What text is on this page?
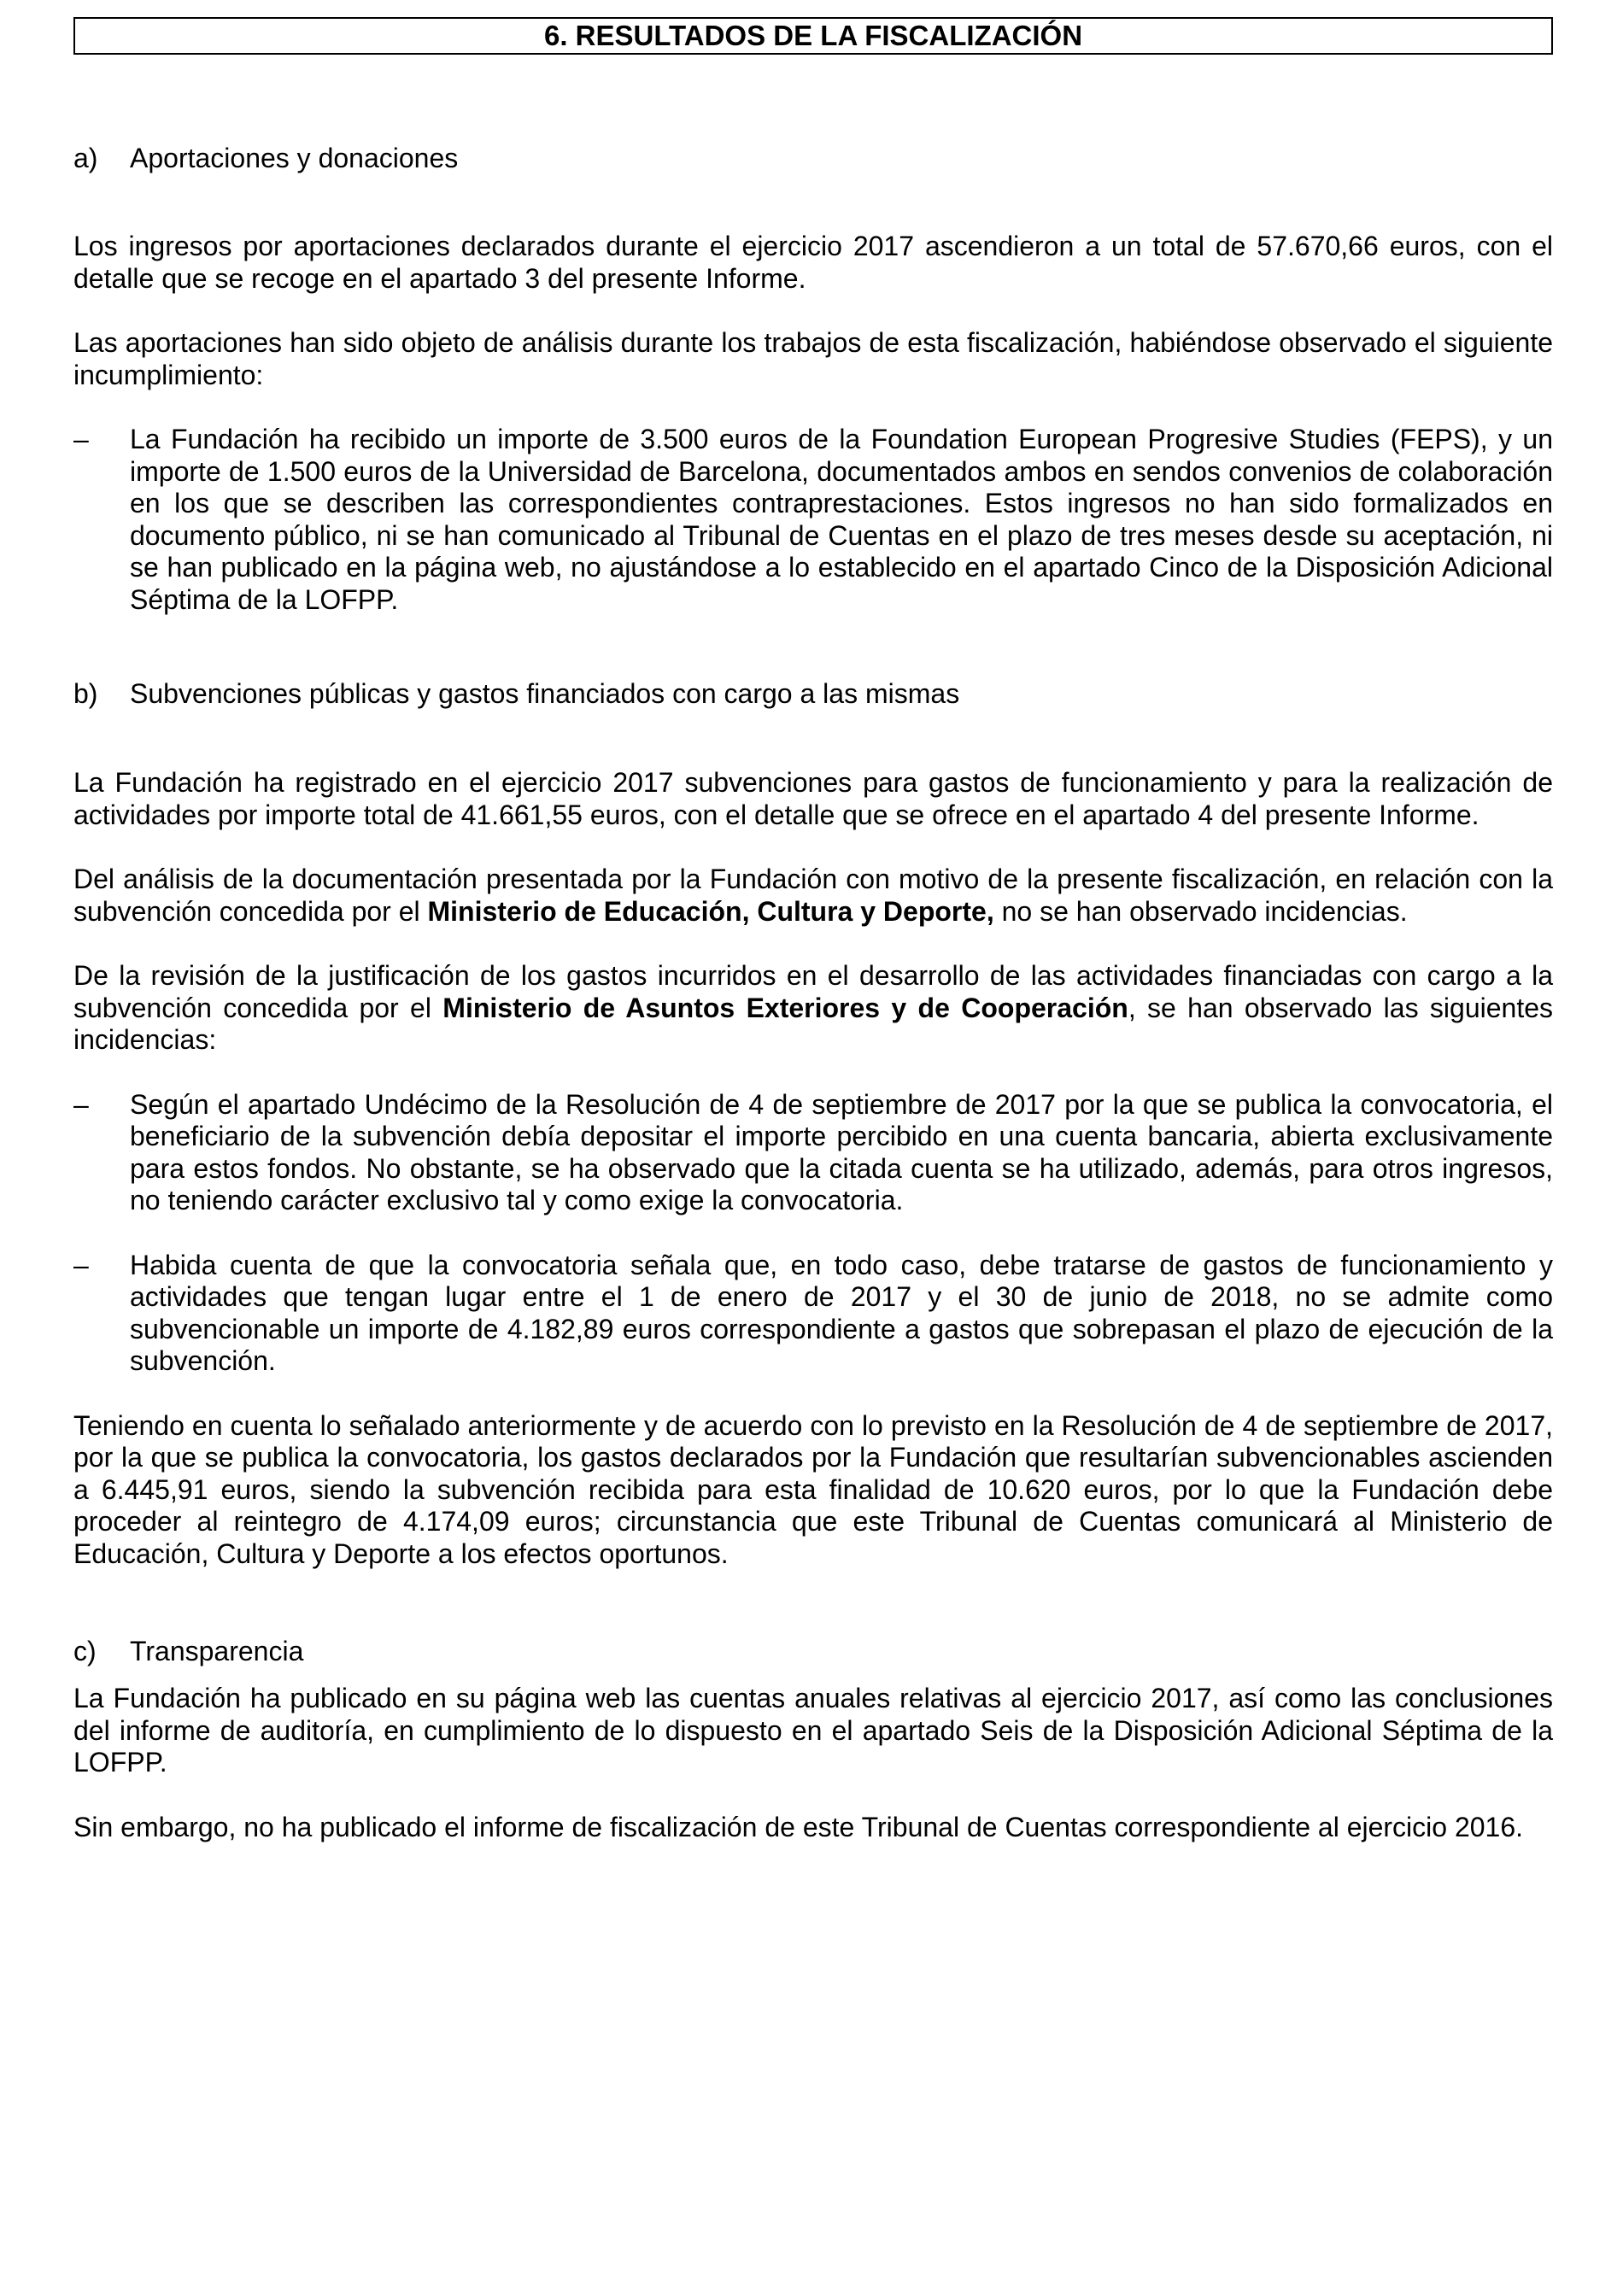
6. RESULTADOS DE LA FISCALIZACIÓN
a)	Aportaciones y donaciones

Los ingresos por aportaciones declarados durante el ejercicio 2017 ascendieron a un total de 57.670,66 euros, con el detalle que se recoge en el apartado 3 del presente Informe.

Las aportaciones han sido objeto de análisis durante los trabajos de esta fiscalización, habiéndose observado el siguiente incumplimiento:

–	La Fundación ha recibido un importe de 3.500 euros de la Foundation European Progresive Studies (FEPS), y un importe de 1.500 euros de la Universidad de Barcelona, documentados ambos en sendos convenios de colaboración en los que se describen las correspondientes contraprestaciones. Estos ingresos no han sido formalizados en documento público, ni se han comunicado al Tribunal de Cuentas en el plazo de tres meses desde su aceptación, ni se han publicado en la página web, no ajustándose a lo establecido en el apartado Cinco de la Disposición Adicional Séptima de la LOFPP.
b)	Subvenciones públicas y gastos financiados con cargo a las mismas

La Fundación ha registrado en el ejercicio 2017 subvenciones para gastos de funcionamiento y para la realización de actividades por importe total de 41.661,55 euros, con el detalle que se ofrece en el apartado 4 del presente Informe.

Del análisis de la documentación presentada por la Fundación con motivo de la presente fiscalización, en relación con la subvención concedida por el Ministerio de Educación, Cultura y Deporte, no se han observado incidencias.

De la revisión de la justificación de los gastos incurridos en el desarrollo de las actividades financiadas con cargo a la subvención concedida por el Ministerio de Asuntos Exteriores y de Cooperación, se han observado las siguientes incidencias:

–	Según el apartado Undécimo de la Resolución de 4 de septiembre de 2017 por la que se publica la convocatoria, el beneficiario de la subvención debía depositar el importe percibido en una cuenta bancaria, abierta exclusivamente para estos fondos. No obstante, se ha observado que la citada cuenta se ha utilizado, además, para otros ingresos, no teniendo carácter exclusivo tal y como exige la convocatoria.
–	Habida cuenta de que la convocatoria señala que, en todo caso, debe tratarse de gastos de funcionamiento y actividades que tengan lugar entre el 1 de enero de 2017 y el 30 de junio de 2018, no se admite como subvencionable un importe de 4.182,89 euros correspondiente a gastos que sobrepasan el plazo de ejecución de la subvención.

Teniendo en cuenta lo señalado anteriormente y de acuerdo con lo previsto en la Resolución de 4 de septiembre de 2017, por la que se publica la convocatoria, los gastos declarados por la Fundación que resultarían subvencionables ascienden a 6.445,91 euros, siendo la subvención recibida para esta finalidad de 10.620 euros, por lo que la Fundación debe proceder al reintegro de 4.174,09 euros; circunstancia que este Tribunal de Cuentas comunicará al Ministerio de Educación, Cultura y Deporte a los efectos oportunos.

c)	Transparencia

La Fundación ha publicado en su página web las cuentas anuales relativas al ejercicio 2017, así como las conclusiones del informe de auditoría, en cumplimiento de lo dispuesto en el apartado Seis de la Disposición Adicional Séptima de la LOFPP.

Sin embargo, no ha publicado el informe de fiscalización de este Tribunal de Cuentas correspondiente al ejercicio 2016.
